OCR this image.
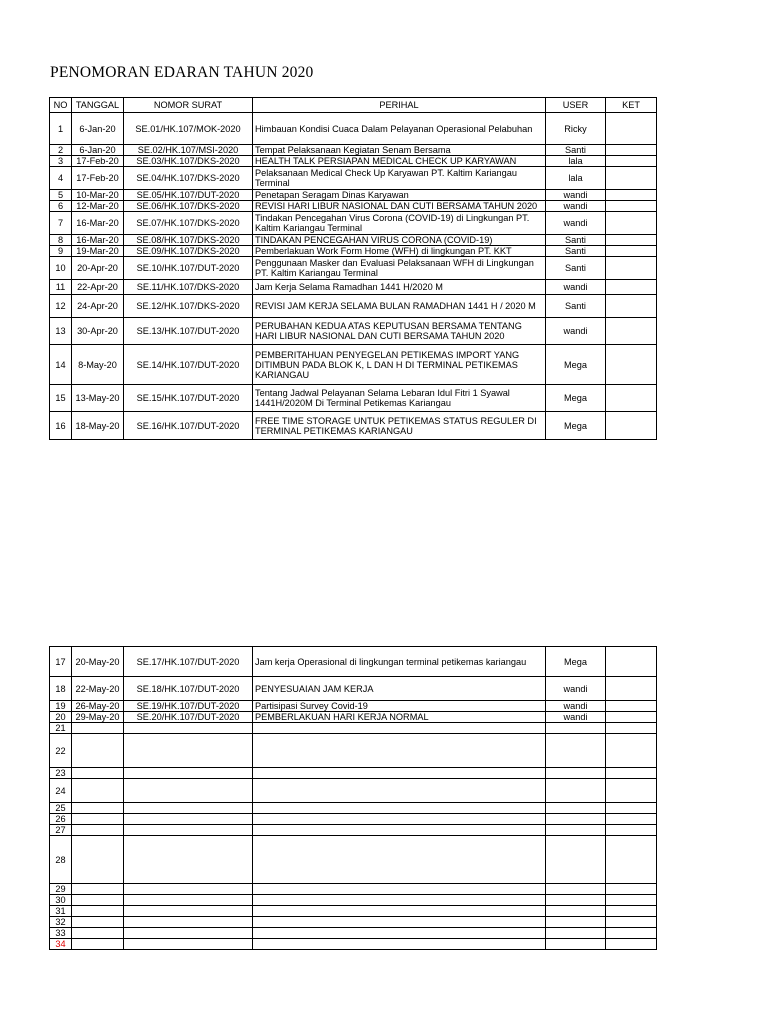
PENOMORAN EDARAN TAHUN 2020
NO	TANGGAL	NOMOR SURAT	PERIHAL	USER	KET
1	6-Jan-20	SE.01/HK.107/MOK-2020	Himbauan Kondisi Cuaca Dalam Pelayanan Operasional Pelabuhan	Ricky	
2	6-Jan-20	SE.02/HK.107/MSI-2020	Tempat Pelaksanaan Kegiatan Senam Bersama	Santi	
3	17-Feb-20	SE.03/HK.107/DKS-2020	HEALTH TALK PERSIAPAN MEDICAL CHECK UP KARYAWAN	lala	
4	17-Feb-20	SE.04/HK.107/DKS-2020	Pelaksanaan Medical Check Up Karyawan PT. Kaltim Kariangau Terminal	lala	
5	10-Mar-20	SE.05/HK.107/DUT-2020	Penetapan Seragam Dinas Karyawan	wandi	
6	12-Mar-20	SE.06/HK.107/DKS-2020	REVISI HARI LIBUR NASIONAL DAN CUTI BERSAMA TAHUN 2020	wandi	
7	16-Mar-20	SE.07/HK.107/DKS-2020	Tindakan Pencegahan Virus Corona (COVID-19) di Lingkungan PT. Kaltim Kariangau Terminal	wandi	
8	16-Mar-20	SE.08/HK.107/DKS-2020	TINDAKAN PENCEGAHAN VIRUS CORONA (COVID-19)	Santi	
9	19-Mar-20	SE.09/HK.107/DKS-2020	Pemberlakuan Work Form Home (WFH) di lingkungan PT. KKT	Santi	
10	20-Apr-20	SE.10/HK.107/DUT-2020	Penggunaan Masker dan Evaluasi Pelaksanaan WFH di Lingkungan PT. Kaltim Kariangau Terminal	Santi	
11	22-Apr-20	SE.11/HK.107/DKS-2020	Jam Kerja Selama Ramadhan 1441 H/2020 M	wandi	
12	24-Apr-20	SE.12/HK.107/DKS-2020	REVISI JAM KERJA SELAMA BULAN RAMADHAN 1441 H / 2020 M	Santi	
13	30-Apr-20	SE.13/HK.107/DUT-2020	PERUBAHAN KEDUA ATAS KEPUTUSAN BERSAMA TENTANG HARI LIBUR NASIONAL DAN CUTI BERSAMA TAHUN 2020	wandi	
14	8-May-20	SE.14/HK.107/DUT-2020	PEMBERITAHUAN PENYEGELAN PETIKEMAS IMPORT YANG DITIMBUN PADA BLOK K, L DAN H DI TERMINAL PETIKEMAS KARIANGAU	Mega	
15	13-May-20	SE.15/HK.107/DUT-2020	Tentang Jadwal Pelayanan Selama Lebaran Idul Fitri 1 Syawal 1441H/2020M Di Terminal Petikemas Kariangau	Mega	
16	18-May-20	SE.16/HK.107/DUT-2020	FREE TIME STORAGE UNTUK PETIKEMAS STATUS REGULER DI TERMINAL PETIKEMAS KARIANGAU	Mega	
17	20-May-20	SE.17/HK.107/DUT-2020	Jam kerja Operasional di lingkungan terminal petikemas kariangau	Mega	
18	22-May-20	SE.18/HK.107/DUT-2020	PENYESUAIAN JAM KERJA	wandi	
19	26-May-20	SE.19/HK.107/DUT-2020	Partisipasi Survey Covid-19	wandi	
20	29-May-20	SE.20/HK.107/DUT-2020	PEMBERLAKUAN HARI KERJA NORMAL	wandi	
21					
22					
23					
24					
25					
26					
27					
28					
29					
30					
31					
32					
33					
34					
